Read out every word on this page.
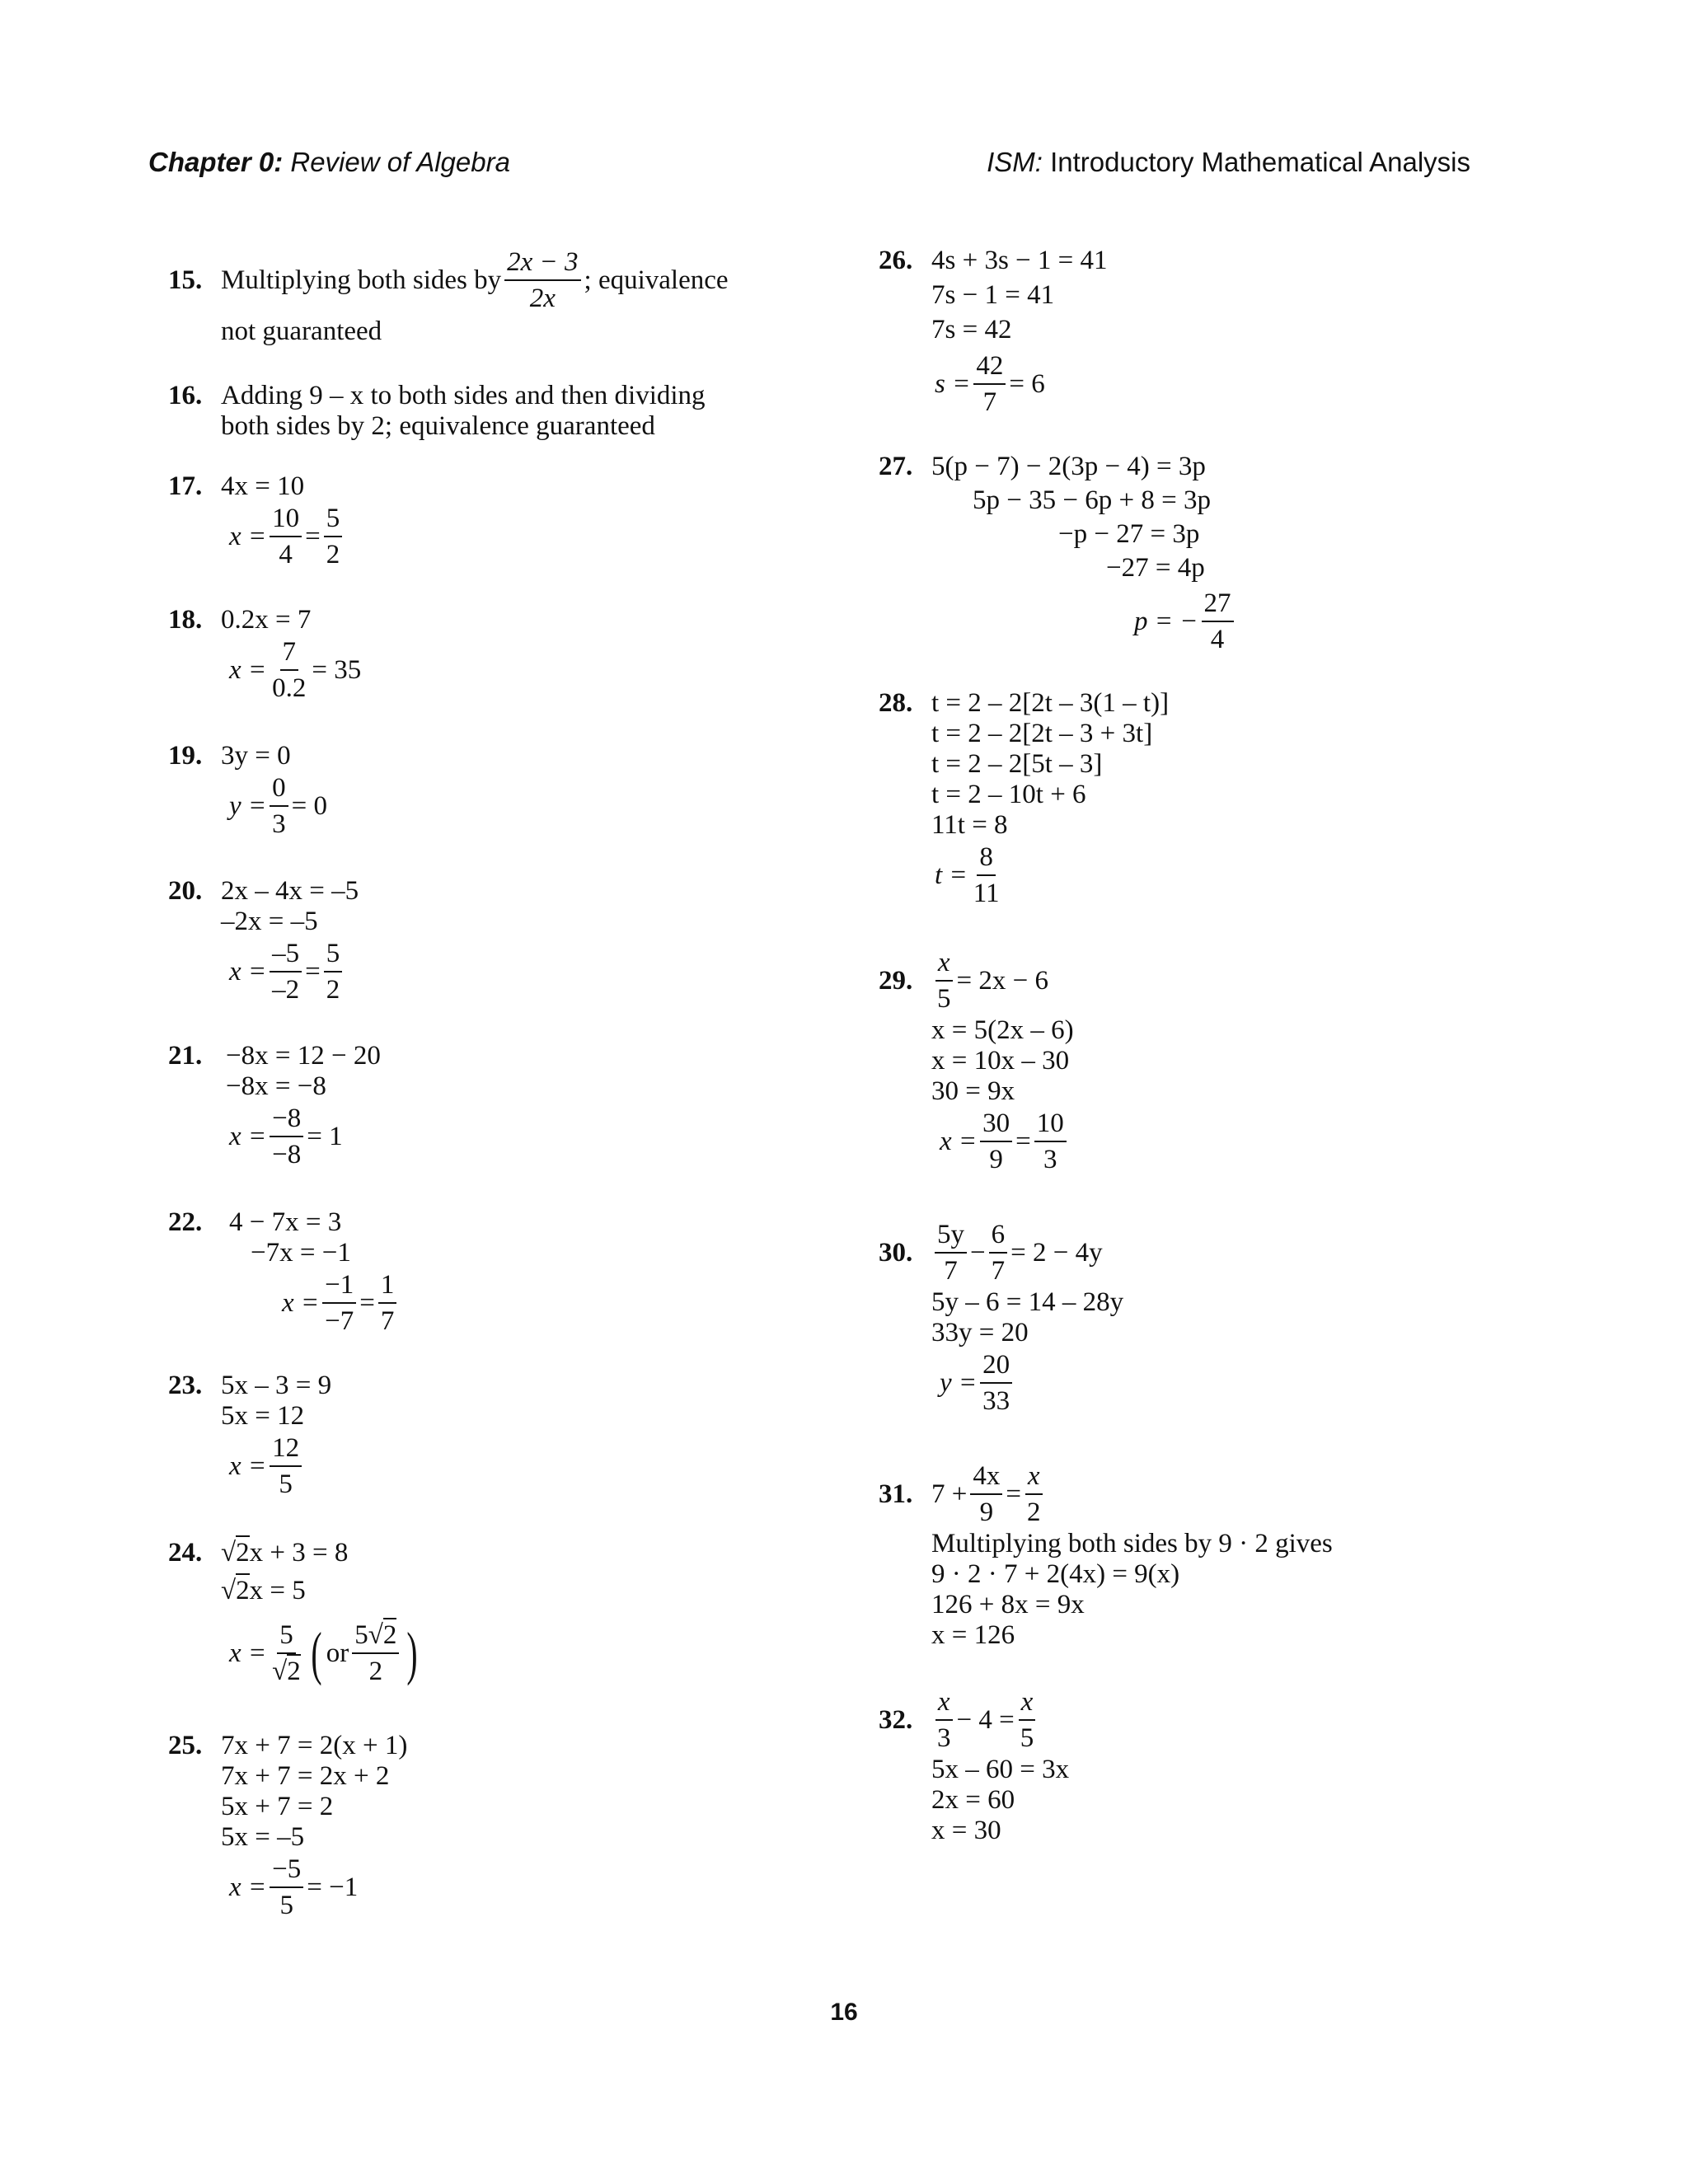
Chapter 0: Review of Algebra	ISM: Introductory Mathematical Analysis
15. Multiplying both sides by $\frac{2x - 3}{2x}$ ; equivalence
not guaranteed
16. Adding 9 – x to both sides and then dividing
both sides by 2; equivalence guaranteed
17. 4x = 10
$x = \frac{10}{4} = \frac{5}{2}$
18. 0.2x = 7
$x = \frac{7}{0.2} = 35$
19. 3y = 0
$y = \frac{0}{3} = 0$
20. 2x – 4x = –5
–2x = –5
$x = \frac{-5}{-2} = \frac{5}{2}$
21. −8x = 12 − 20
−8x = −8
$x = \frac{-8}{-8} = 1$
22. 4 − 7x = 3
−7x = −1
$x = \frac{-1}{-7} = \frac{1}{7}$
23. 5x – 3 = 9
5x = 12
$x = \frac{12}{5}$
24. √2x + 3 = 8
√2x = 5
$x = \frac{5}{√2}$ ( or $\frac{5√2}{2}$ )
25. 7x + 7 = 2(x + 1)
7x + 7 = 2x + 2
5x + 7 = 2
5x = –5
$x = \frac{-5}{5} = -1$
26. 4s + 3s − 1 = 41
7s − 1 = 41
7s = 42
$s = \frac{42}{7} = 6$
27. 5(p − 7) − 2(3p − 4) = 3p
5p − 35 − 6p + 8 = 3p
−p − 27 = 3p
−27 = 4p
p = − $\frac{27}{4}$
28. t = 2 – 2[2t – 3(1 – t)]
t = 2 – 2[2t – 3 + 3t]
t = 2 – 2[5t – 3]
t = 2 – 10t + 6
11t = 8
$t = \frac{8}{11}$
29. $\frac{x}{5} = 2x - 6$
x = 5(2x – 6)
x = 10x – 30
30 = 9x
$x = \frac{30}{9} = \frac{10}{3}$
30. $\frac{5y}{7} - \frac{6}{7} = 2 - 4y$
5y – 6 = 14 – 28y
33y = 20
$y = \frac{20}{33}$
31. $7 + \frac{4x}{9} = \frac{x}{2}$
Multiplying both sides by 9 · 2 gives
9 · 2 · 7 + 2(4x) = 9(x)
126 + 8x = 9x
x = 126
32. $\frac{x}{3} - 4 = \frac{x}{5}$
5x – 60 = 3x
2x = 60
x = 30
16
